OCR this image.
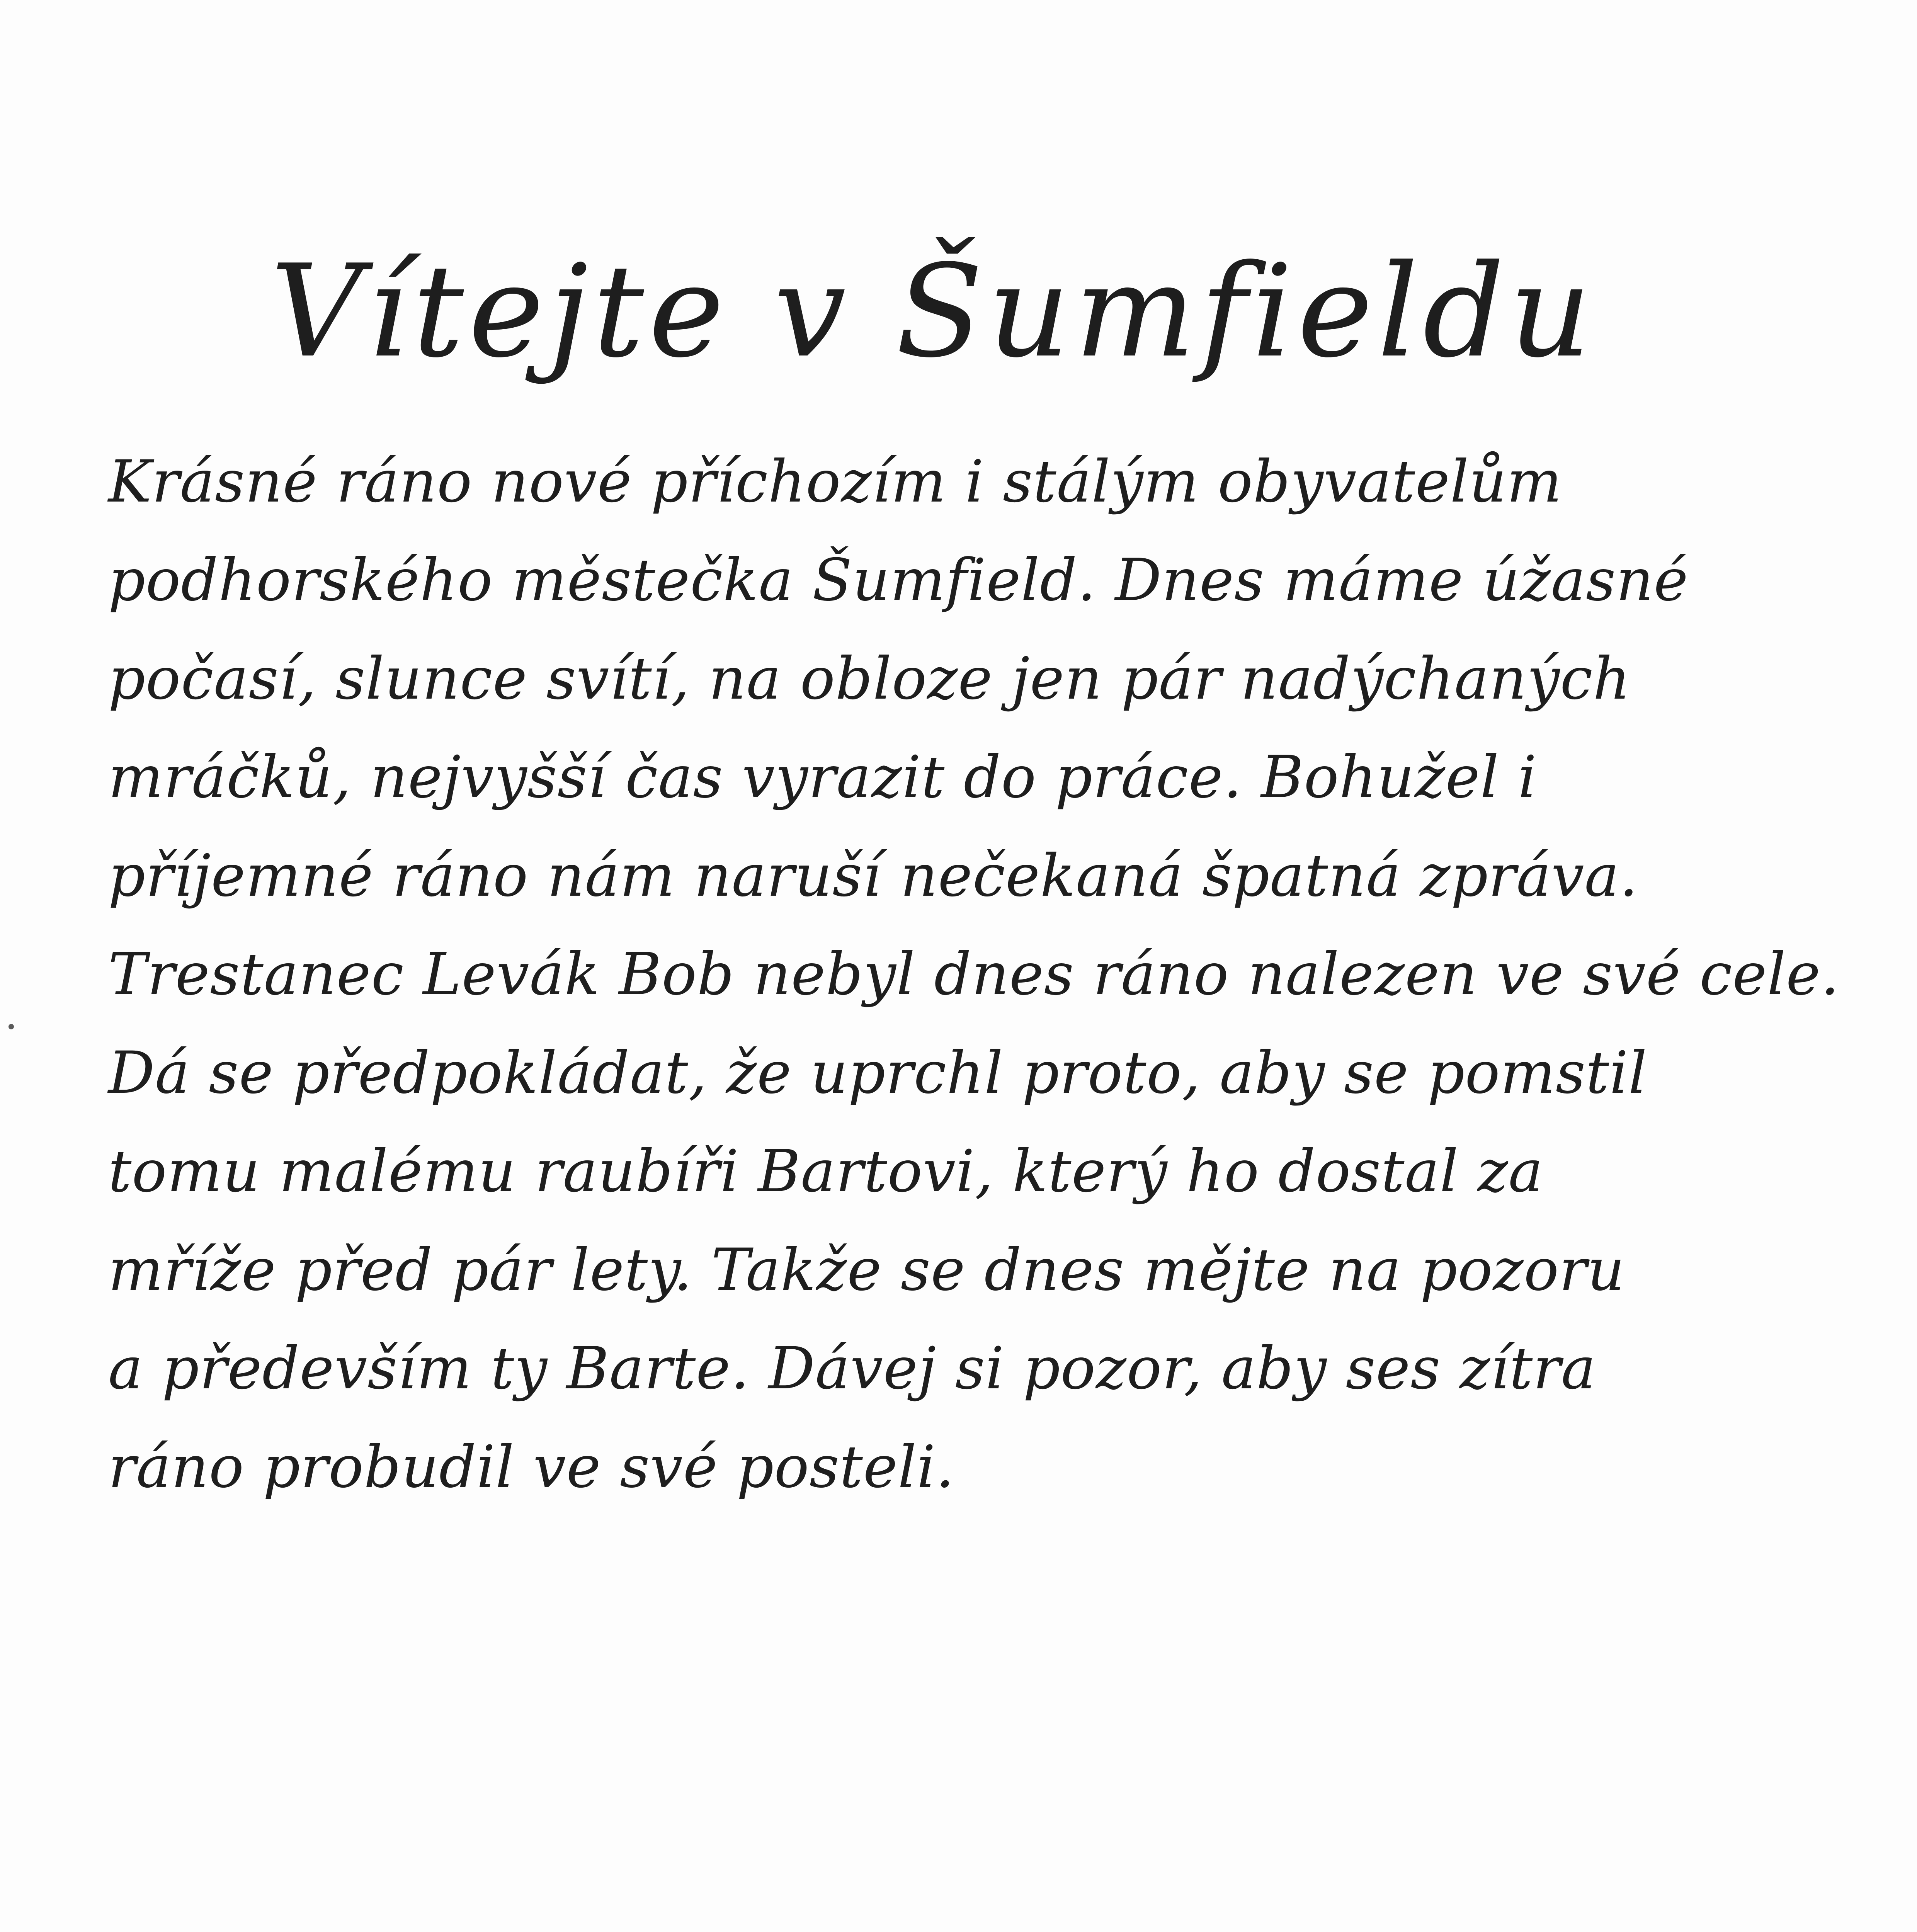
Vítejte v Šumfieldu
Krásné ráno nové příchozím i stálým obyvatelům
podhorského městečka Šumfield. Dnes máme úžasné
počasí, slunce svítí, na obloze jen pár nadýchaných
mráčků, nejvyšší čas vyrazit do práce. Bohužel i
příjemné ráno nám naruší nečekaná špatná zpráva.
Trestanec Levák Bob nebyl dnes ráno nalezen ve své cele.
Dá se předpokládat, že uprchl proto, aby se pomstil
tomu malému raubíři Bartovi, který ho dostal za
mříže před pár lety. Takže se dnes mějte na pozoru
a především ty Barte. Dávej si pozor, aby ses zítra
ráno probudil ve své posteli.
